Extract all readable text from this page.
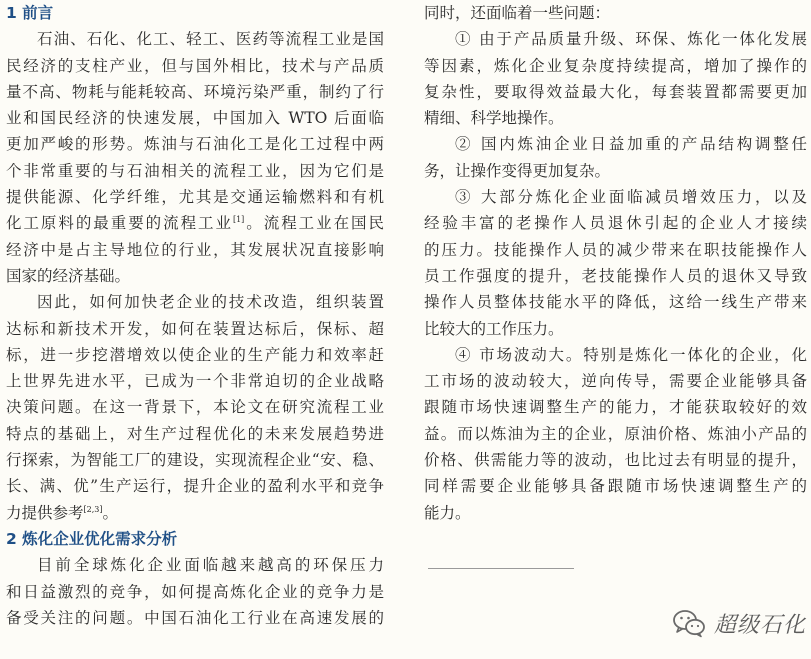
1 前言
石油、石化、化工、轻工、医药等流程工业是国
民经济的支柱产业，但与国外相比，技术与产品质
量不高、物耗与能耗较高、环境污染严重，制约了行
业和国民经济的快速发展，中国加入 WTO 后面临
更加严峻的形势。炼油与石油化工是化工过程中两
个非常重要的与石油相关的流程工业，因为它们是
提供能源、化学纤维，尤其是交通运输燃料和有机
化工原料的最重要的流程工业[1]。流程工业在国民
经济中是占主导地位的行业，其发展状况直接影响
国家的经济基础。
因此，如何加快老企业的技术改造，组织装置
达标和新技术开发，如何在装置达标后，保标、超
标，进一步挖潜增效以使企业的生产能力和效率赶
上世界先进水平，已成为一个非常迫切的企业战略
决策问题。在这一背景下，本论文在研究流程工业
特点的基础上，对生产过程优化的未来发展趋势进
行探索，为智能工厂的建设，实现流程企业“安、稳、
长、满、优”生产运行，提升企业的盈利水平和竞争
力提供参考[2,3]。
2 炼化企业优化需求分析
目前全球炼化企业面临越来越高的环保压力
和日益激烈的竞争，如何提高炼化企业的竞争力是
备受关注的问题。中国石油化工行业在高速发展的
同时，还面临着一些问题：
① 由于产品质量升级、环保、炼化一体化发展
等因素，炼化企业复杂度持续提高，增加了操作的
复杂性，要取得效益最大化，每套装置都需要更加
精细、科学地操作。
② 国内炼油企业日益加重的产品结构调整任
务，让操作变得更加复杂。
③ 大部分炼化企业面临减员增效压力，以及
经验丰富的老操作人员退休引起的企业人才接续
的压力。技能操作人员的减少带来在职技能操作人
员工作强度的提升，老技能操作人员的退休又导致
操作人员整体技能水平的降低，这给一线生产带来
比较大的工作压力。
④ 市场波动大。特别是炼化一体化的企业，化
工市场的波动较大，逆向传导，需要企业能够具备
跟随市场快速调整生产的能力，才能获取较好的效
益。而以炼油为主的企业，原油价格、炼油小产品的
价格、供需能力等的波动，也比过去有明显的提升，
同样需要企业能够具备跟随市场快速调整生产的
能力。
超级石化
